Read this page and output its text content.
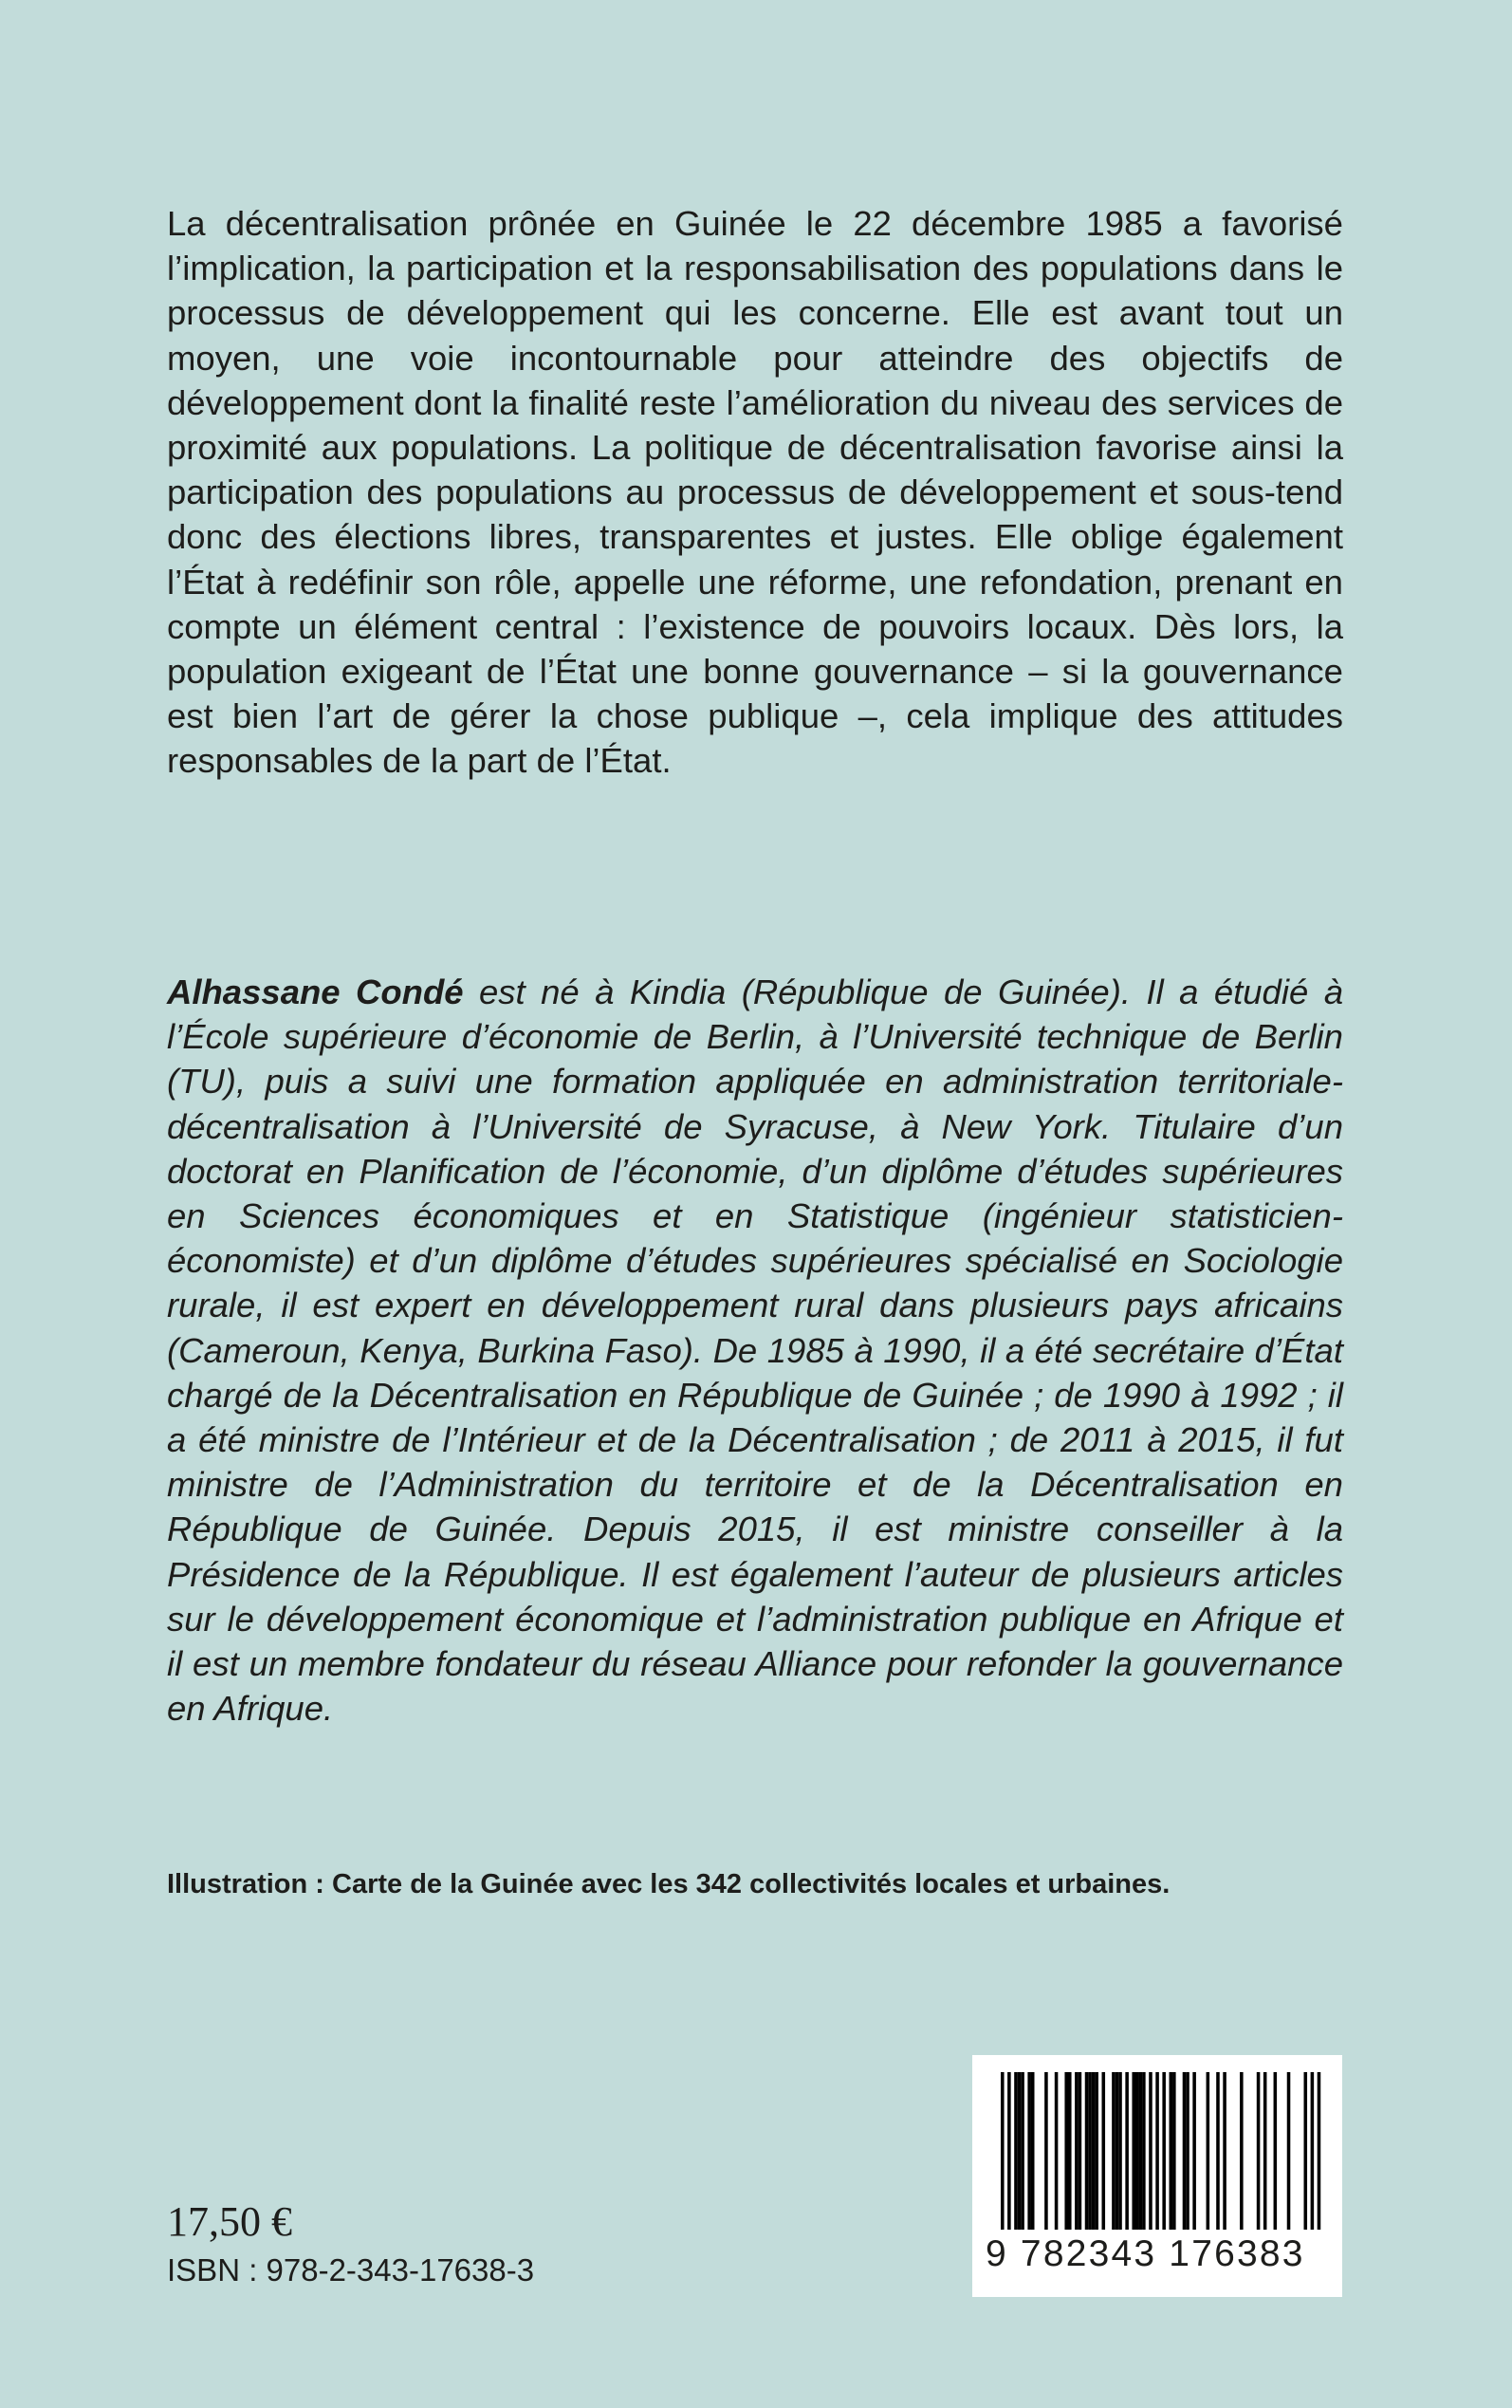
La décentralisation prônée en Guinée le 22 décembre 1985 a favorisé l’implication, la participation et la responsabilisation des populations dans le processus de développement qui les concerne. Elle est avant tout un moyen, une voie incontournable pour atteindre des objectifs de développement dont la finalité reste l’amélioration du niveau des services de proximité aux populations. La politique de décentralisation favorise ainsi la participation des populations au processus de développement et sous-tend donc des élections libres, transparentes et justes. Elle oblige également l’État à redéfinir son rôle, appelle une réforme, une refondation, prenant en compte un élément central : l’existence de pouvoirs locaux. Dès lors, la population exigeant de l’État une bonne gouvernance – si la gouvernance est bien l’art de gérer la chose publique –, cela implique des attitudes responsables de la part de l’État.

Alhassane Condé est né à Kindia (République de Guinée). Il a étudié à l’École supérieure d’économie de Berlin, à l’Université technique de Berlin (TU), puis a suivi une formation appliquée en administration territoriale-décentralisation à l’Université de Syracuse, à New York. Titulaire d’un doctorat en Planification de l’économie, d’un diplôme d’études supérieures en Sciences économiques et en Statistique (ingénieur statisticien-économiste) et d’un diplôme d’études supérieures spécialisé en Sociologie rurale, il est expert en développement rural dans plusieurs pays africains (Cameroun, Kenya, Burkina Faso). De 1985 à 1990, il a été secrétaire d’État chargé de la Décentralisation en République de Guinée ; de 1990 à 1992 ; il a été ministre de l’Intérieur et de la Décentralisation ; de 2011 à 2015, il fut ministre de l’Administration du territoire et de la Décentralisation en République de Guinée. Depuis 2015, il est ministre conseiller à la Présidence de la République. Il est également l’auteur de plusieurs articles sur le développement économique et l’administration publique en Afrique et il est un membre fondateur du réseau Alliance pour refonder la gouvernance en Afrique.

Illustration : Carte de la Guinée avec les 342 collectivités locales et urbaines.

17,50 €

ISBN : 978-2-343-17638-3	9 782343 176383
